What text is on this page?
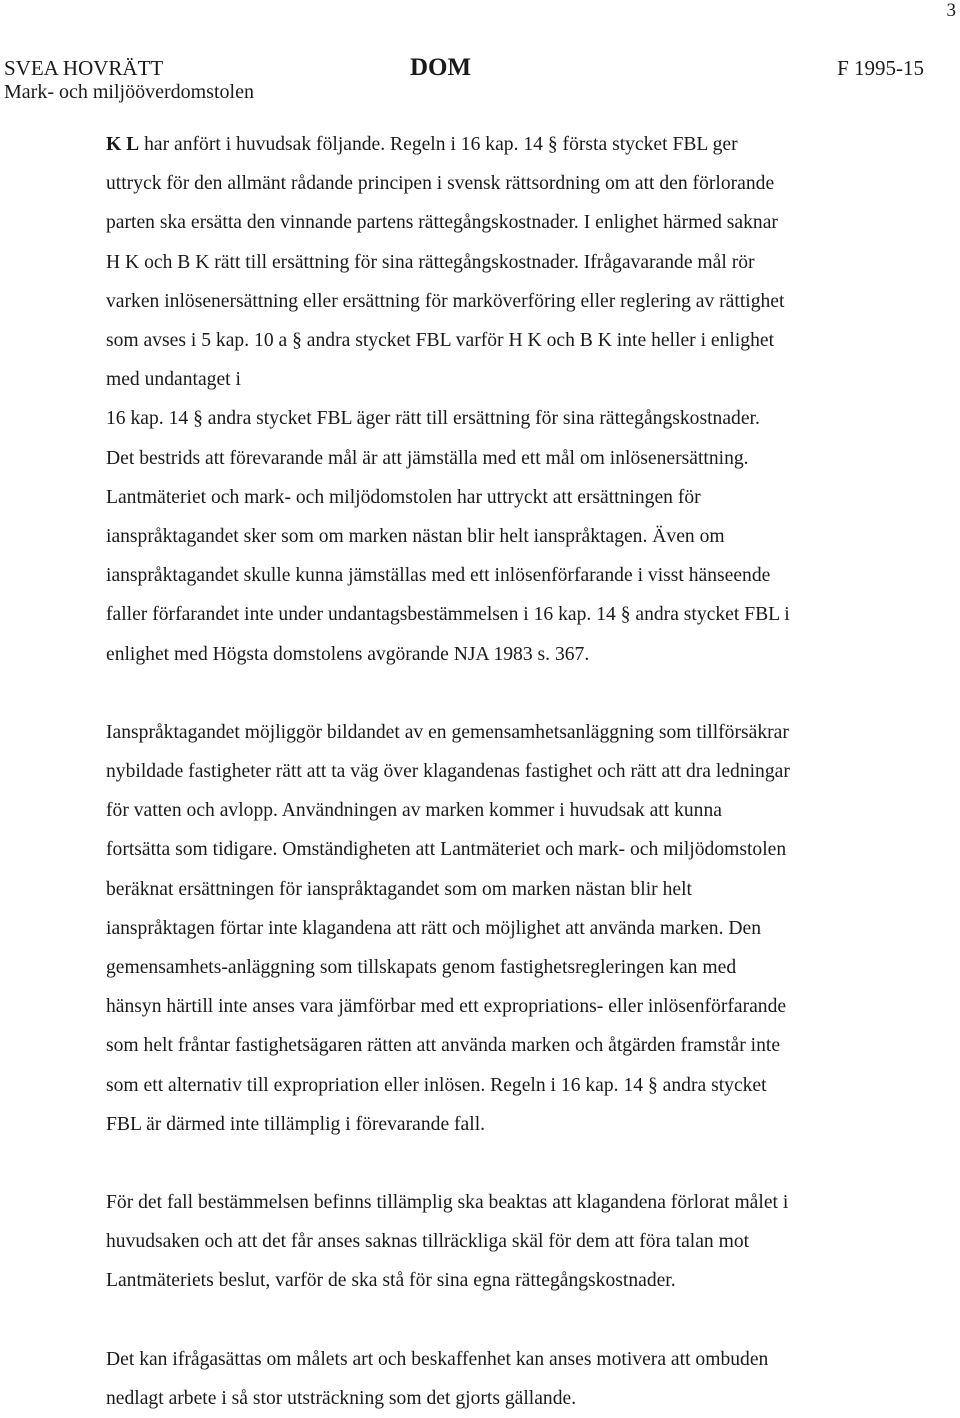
3
SVEA HOVRÄTT
Mark- och miljööverdomstolen
DOM	F 1995-15

K L har anfört i huvudsak följande. Regeln i 16 kap. 14 § första stycket FBL ger
uttryck för den allmänt rådande principen i svensk rättsordning om att den förlorande
parten ska ersätta den vinnande partens rättegångskostnader. I enlighet härmed saknar
H K och B K rätt till ersättning för sina rättegångskostnader. Ifrågavarande mål rör
varken inlösenersättning eller ersättning för marköverföring eller reglering av rättighet
som avses i 5 kap. 10 a § andra stycket FBL varför H K och B K inte heller i enlighet
med undantaget i
16 kap. 14 § andra stycket FBL äger rätt till ersättning för sina rättegångskostnader.
Det bestrids att förevarande mål är att jämställa med ett mål om inlösenersättning.
Lantmäteriet och mark- och miljödomstolen har uttryckt att ersättningen för
ianspråktagandet sker som om marken nästan blir helt ianspråktagen. Även om
ianspråktagandet skulle kunna jämställas med ett inlösenförfarande i visst hänseende
faller förfarandet inte under undantagsbestämmelsen i 16 kap. 14 § andra stycket FBL i
enlighet med Högsta domstolens avgörande NJA 1983 s. 367.

Ianspråktagandet möjliggör bildandet av en gemensamhetsanläggning som tillförsäkrar
nybildade fastigheter rätt att ta väg över klagandenas fastighet och rätt att dra ledningar
för vatten och avlopp. Användningen av marken kommer i huvudsak att kunna
fortsätta som tidigare. Omständigheten att Lantmäteriet och mark- och miljödomstolen
beräknat ersättningen för ianspråktagandet som om marken nästan blir helt
ianspråktagen förtar inte klagandena att rätt och möjlighet att använda marken. Den
gemensamhets-anläggning som tillskapats genom fastighetsregleringen kan med
hänsyn härtill inte anses vara jämförbar med ett expropriations- eller inlösenförfarande
som helt fråntar fastighetsägaren rätten att använda marken och åtgärden framstår inte
som ett alternativ till expropriation eller inlösen. Regeln i 16 kap. 14 § andra stycket
FBL är därmed inte tillämplig i förevarande fall.

För det fall bestämmelsen befinns tillämplig ska beaktas att klagandena förlorat målet i
huvudsaken och att det får anses saknas tillräckliga skäl för dem att föra talan mot
Lantmäteriets beslut, varför de ska stå för sina egna rättegångskostnader.

Det kan ifrågasättas om målets art och beskaffenhet kan anses motivera att ombuden
nedlagt arbete i så stor utsträckning som det gjorts gällande.
